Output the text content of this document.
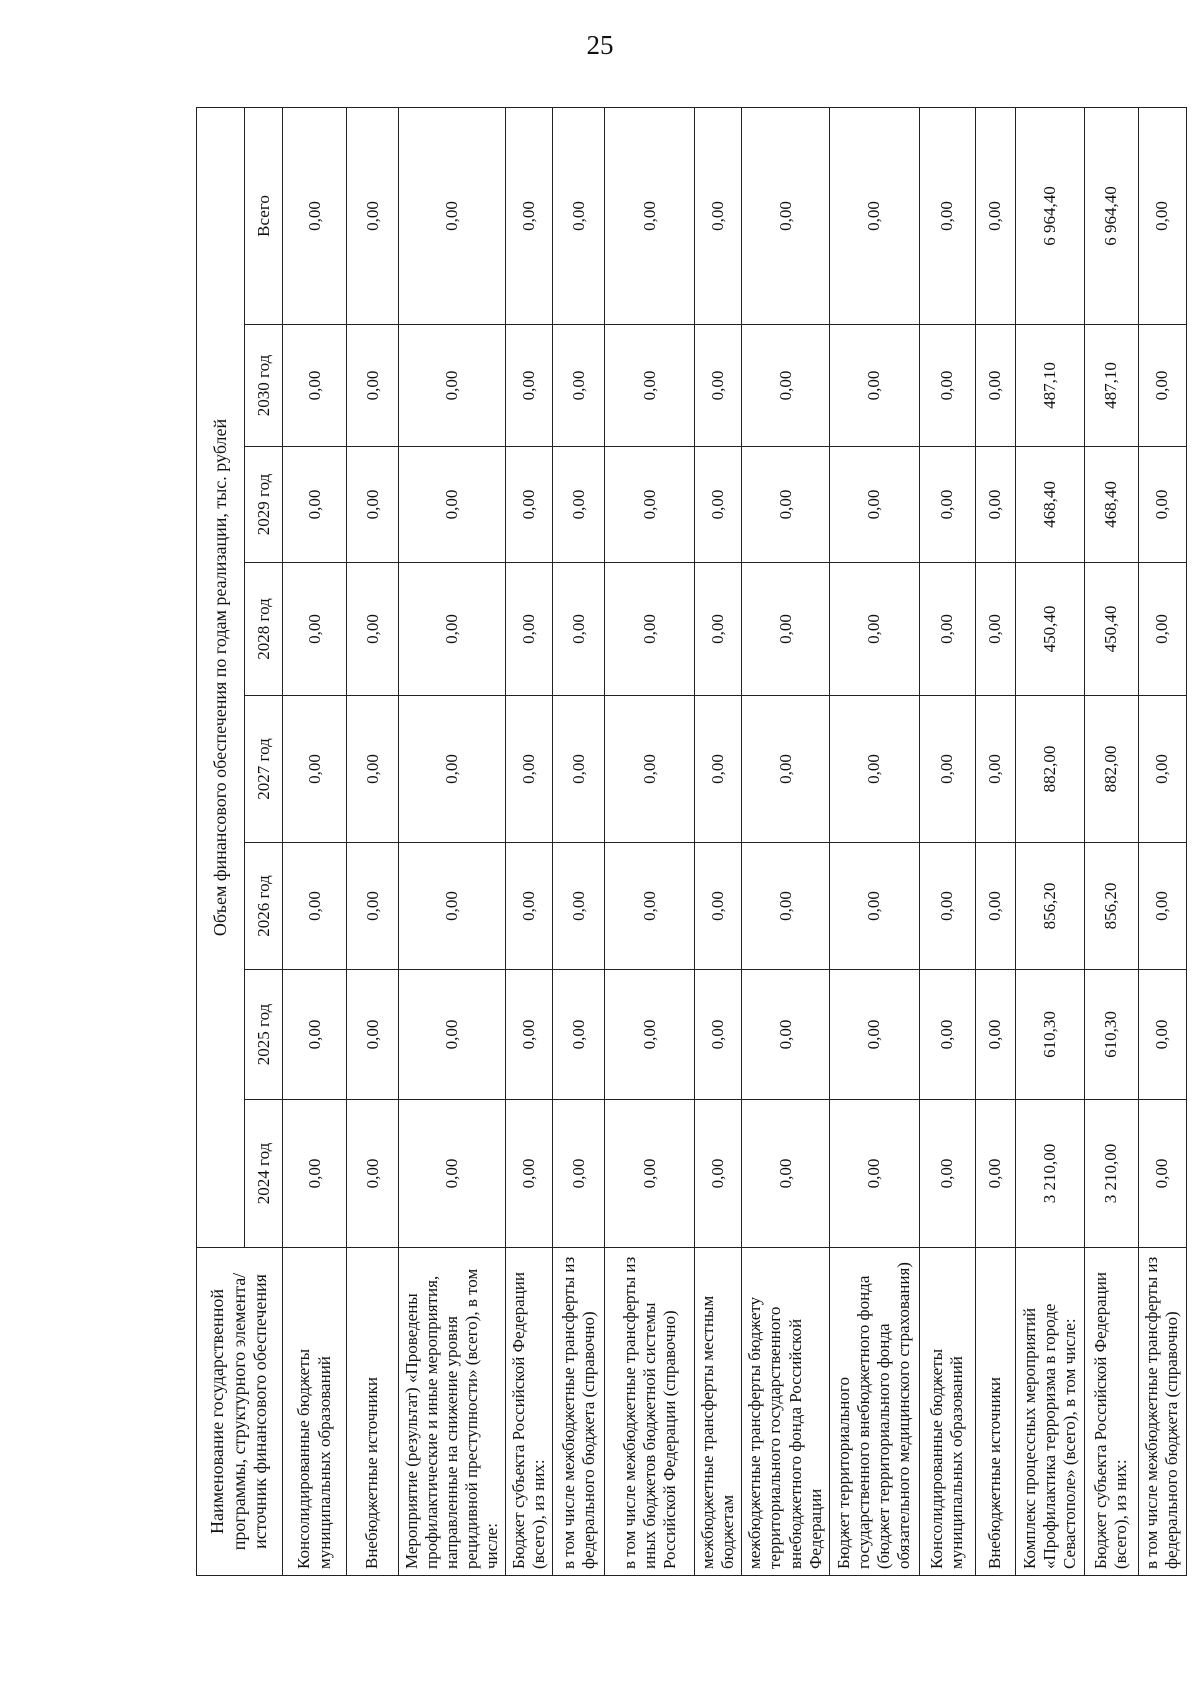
25
Наименование государственной программы, структурного элемента/источник финансового обеспечения	Объем финансового обеспечения по годам реализации, тыс. рублей							
	2024 год	2025 год	2026 год	2027 год	2028 год	2029 год	2030 год	Всего
Консолидированные бюджеты муниципальных образований	0,00	0,00	0,00	0,00	0,00	0,00	0,00	0,00
Внебюджетные источники	0,00	0,00	0,00	0,00	0,00	0,00	0,00	0,00
Мероприятие (результат) «Проведены профилактические и иные мероприятия, направленные на снижение уровня рецидивной преступности» (всего), в том числе:	0,00	0,00	0,00	0,00	0,00	0,00	0,00	0,00
Бюджет субъекта Российской Федерации (всего), из них:	0,00	0,00	0,00	0,00	0,00	0,00	0,00	0,00
в том числе межбюджетные трансферты из федерального бюджета (справочно)	0,00	0,00	0,00	0,00	0,00	0,00	0,00	0,00
в том числе межбюджетные трансферты из иных бюджетов бюджетной системы Российской Федерации (справочно)	0,00	0,00	0,00	0,00	0,00	0,00	0,00	0,00
межбюджетные трансферты местным бюджетам	0,00	0,00	0,00	0,00	0,00	0,00	0,00	0,00
межбюджетные трансферты бюджету территориального государственного внебюджетного фонда Российской Федерации	0,00	0,00	0,00	0,00	0,00	0,00	0,00	0,00
Бюджет территориального государственного внебюджетного фонда (бюджет территориального фонда обязательного медицинского страхования)	0,00	0,00	0,00	0,00	0,00	0,00	0,00	0,00
Консолидированные бюджеты муниципальных образований	0,00	0,00	0,00	0,00	0,00	0,00	0,00	0,00
Внебюджетные источники	0,00	0,00	0,00	0,00	0,00	0,00	0,00	0,00
Комплекс процессных мероприятий «Профилактика терроризма в городе Севастополе» (всего), в том числе:	3 210,00	610,30	856,20	882,00	450,40	468,40	487,10	6 964,40
Бюджет субъекта Российской Федерации (всего), из них:	3 210,00	610,30	856,20	882,00	450,40	468,40	487,10	6 964,40
в том числе межбюджетные трансферты из федерального бюджета (справочно)	0,00	0,00	0,00	0,00	0,00	0,00	0,00	0,00
